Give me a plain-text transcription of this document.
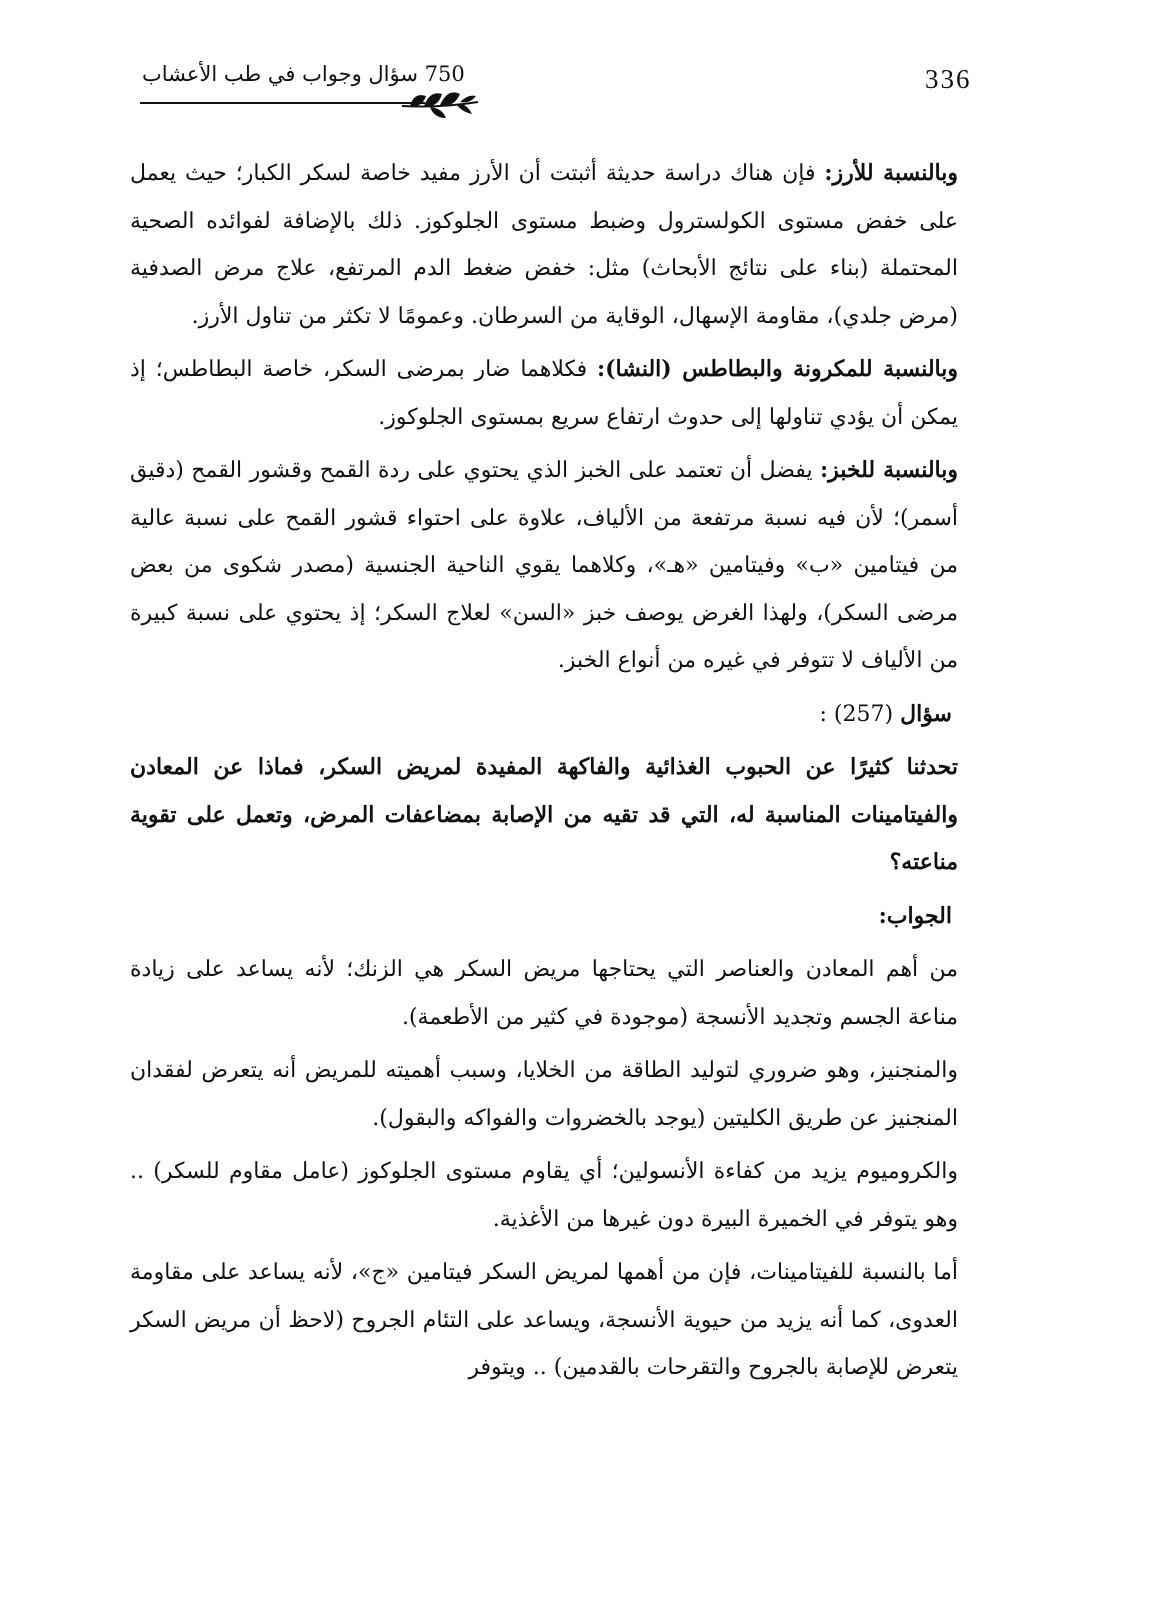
750 سؤال وجواب في طب الأعشاب	336

وبالنسبة للأرز: فإن هناك دراسة حديثة أثبتت أن الأرز مفيد خاصة لسكر الكبار؛ حيث يعمل على خفض مستوى الكولسترول وضبط مستوى الجلوكوز. ذلك بالإضافة لفوائده الصحية المحتملة (بناء على نتائج الأبحاث) مثل: خفض ضغط الدم المرتفع، علاج مرض الصدفية (مرض جلدي)، مقاومة الإسهال، الوقاية من السرطان. وعمومًا لا تكثر من تناول الأرز.

وبالنسبة للمكرونة والبطاطس (النشا): فكلاهما ضار بمرضى السكر، خاصة البطاطس؛ إذ يمكن أن يؤدي تناولها إلى حدوث ارتفاع سريع بمستوى الجلوكوز.

وبالنسبة للخبز: يفضل أن تعتمد على الخبز الذي يحتوي على ردة القمح وقشور القمح (دقيق أسمر)؛ لأن فيه نسبة مرتفعة من الألياف، علاوة على احتواء قشور القمح على نسبة عالية من فيتامين «ب» وفيتامين «هـ»، وكلاهما يقوي الناحية الجنسية (مصدر شكوى من بعض مرضى السكر)، ولهذا الغرض يوصف خبز «السن» لعلاج السكر؛ إذ يحتوي على نسبة كبيرة من الألياف لا تتوفر في غيره من أنواع الخبز.

سؤال (257) :

تحدثنا كثيرًا عن الحبوب الغذائية والفاكهة المفيدة لمريض السكر، فماذا عن المعادن والفيتامينات المناسبة له، التي قد تقيه من الإصابة بمضاعفات المرض، وتعمل على تقوية مناعته؟

الجواب:

من أهم المعادن والعناصر التي يحتاجها مريض السكر هي الزنك؛ لأنه يساعد على زيادة مناعة الجسم وتجديد الأنسجة (موجودة في كثير من الأطعمة).

والمنجنيز، وهو ضروري لتوليد الطاقة من الخلايا، وسبب أهميته للمريض أنه يتعرض لفقدان المنجنيز عن طريق الكليتين (يوجد بالخضروات والفواكه والبقول).

والكروميوم يزيد من كفاءة الأنسولين؛ أي يقاوم مستوى الجلوكوز (عامل مقاوم للسكر) .. وهو يتوفر في الخميرة البيرة دون غيرها من الأغذية.

أما بالنسبة للفيتامينات، فإن من أهمها لمريض السكر فيتامين «ج»، لأنه يساعد على مقاومة العدوى، كما أنه يزيد من حيوية الأنسجة، ويساعد على التئام الجروح (لاحظ أن مريض السكر يتعرض للإصابة بالجروح والتقرحات بالقدمين) .. ويتوفر
